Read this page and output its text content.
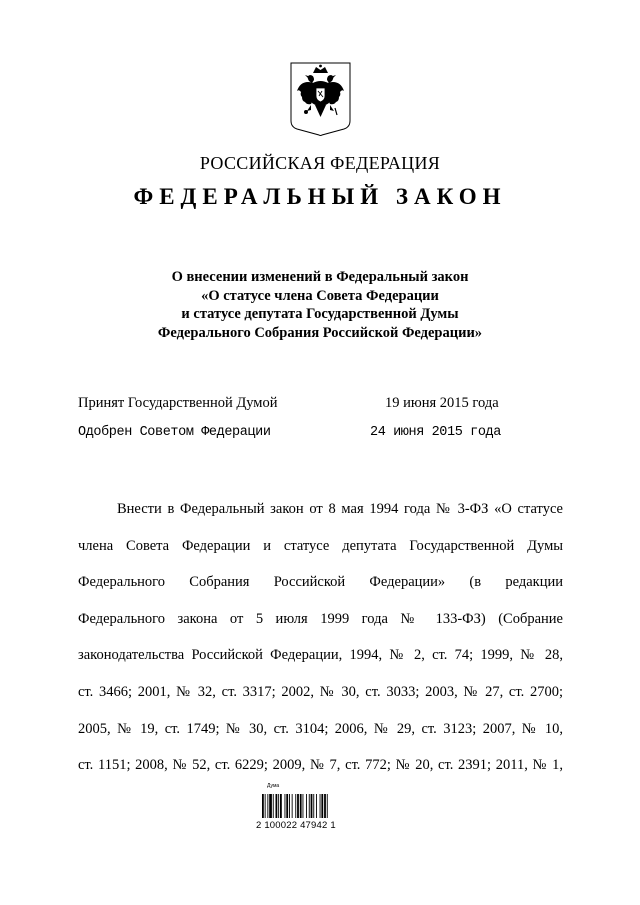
РОССИЙСКАЯ ФЕДЕРАЦИЯ
ФЕДЕРАЛЬНЫЙ ЗАКОН
О внесении изменений в Федеральный закон
«О статусе члена Совета Федерации
и статусе депутата Государственной Думы
Федерального Собрания Российской Федерации»
Принят Государственной Думой	19 июня 2015 года
Одобрен Советом Федерации	24 июня 2015 года
Внести в Федеральный закон от 8 мая 1994 года № 3-ФЗ «О статусе
члена Совета Федерации и статусе депутата Государственной Думы
Федерального Собрания Российской Федерации» (в редакции
Федерального закона от 5 июля 1999 года № 133-ФЗ) (Собрание
законодательства Российской Федерации, 1994, № 2, ст. 74; 1999, № 28,
ст. 3466; 2001, № 32, ст. 3317; 2002, № 30, ст. 3033; 2003, № 27, ст. 2700;
2005, № 19, ст. 1749; № 30, ст. 3104; 2006, № 29, ст. 3123; 2007, № 10,
ст. 1151; 2008, № 52, ст. 6229; 2009, № 7, ст. 772; № 20, ст. 2391; 2011, № 1,
Дума
2 100022 47942 1
